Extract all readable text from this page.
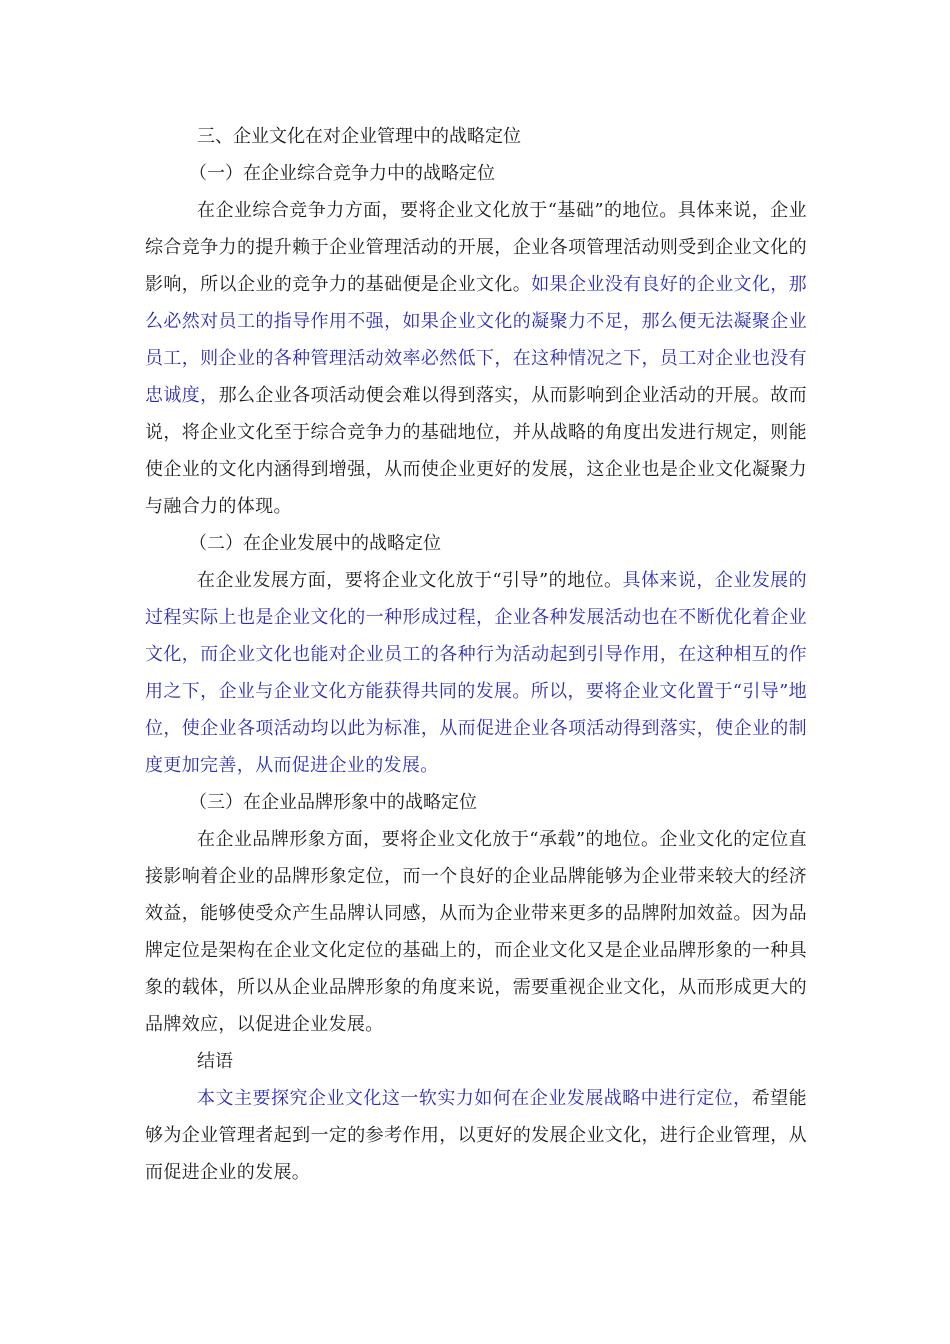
三、企业文化在对企业管理中的战略定位

（一）在企业综合竞争力中的战略定位

在企业综合竞争力方面，要将企业文化放于“基础”的地位。具体来说，企业综合竞争力的提升赖于企业管理活动的开展，企业各项管理活动则受到企业文化的影响，所以企业的竞争力的基础便是企业文化。如果企业没有良好的企业文化，那么必然对员工的指导作用不强，如果企业文化的凝聚力不足，那么便无法凝聚企业员工，则企业的各种管理活动效率必然低下，在这种情况之下，员工对企业也没有忠诚度，那么企业各项活动便会难以得到落实，从而影响到企业活动的开展。故而说，将企业文化至于综合竞争力的基础地位，并从战略的角度出发进行规定，则能使企业的文化内涵得到增强，从而使企业更好的发展，这企业也是企业文化凝聚力与融合力的体现。

（二）在企业发展中的战略定位

在企业发展方面，要将企业文化放于“引导”的地位。具体来说，企业发展的过程实际上也是企业文化的一种形成过程，企业各种发展活动也在不断优化着企业文化，而企业文化也能对企业员工的各种行为活动起到引导作用，在这种相互的作用之下，企业与企业文化方能获得共同的发展。所以，要将企业文化置于“引导”地位，使企业各项活动均以此为标准，从而促进企业各项活动得到落实，使企业的制度更加完善，从而促进企业的发展。

（三）在企业品牌形象中的战略定位

在企业品牌形象方面，要将企业文化放于“承载”的地位。企业文化的定位直接影响着企业的品牌形象定位，而一个良好的企业品牌能够为企业带来较大的经济效益，能够使受众产生品牌认同感，从而为企业带来更多的品牌附加效益。因为品牌定位是架构在企业文化定位的基础上的，而企业文化又是企业品牌形象的一种具象的载体，所以从企业品牌形象的角度来说，需要重视企业文化，从而形成更大的品牌效应，以促进企业发展。

结语

本文主要探究企业文化这一软实力如何在企业发展战略中进行定位，希望能够为企业管理者起到一定的参考作用，以更好的发展企业文化，进行企业管理，从而促进企业的发展。
